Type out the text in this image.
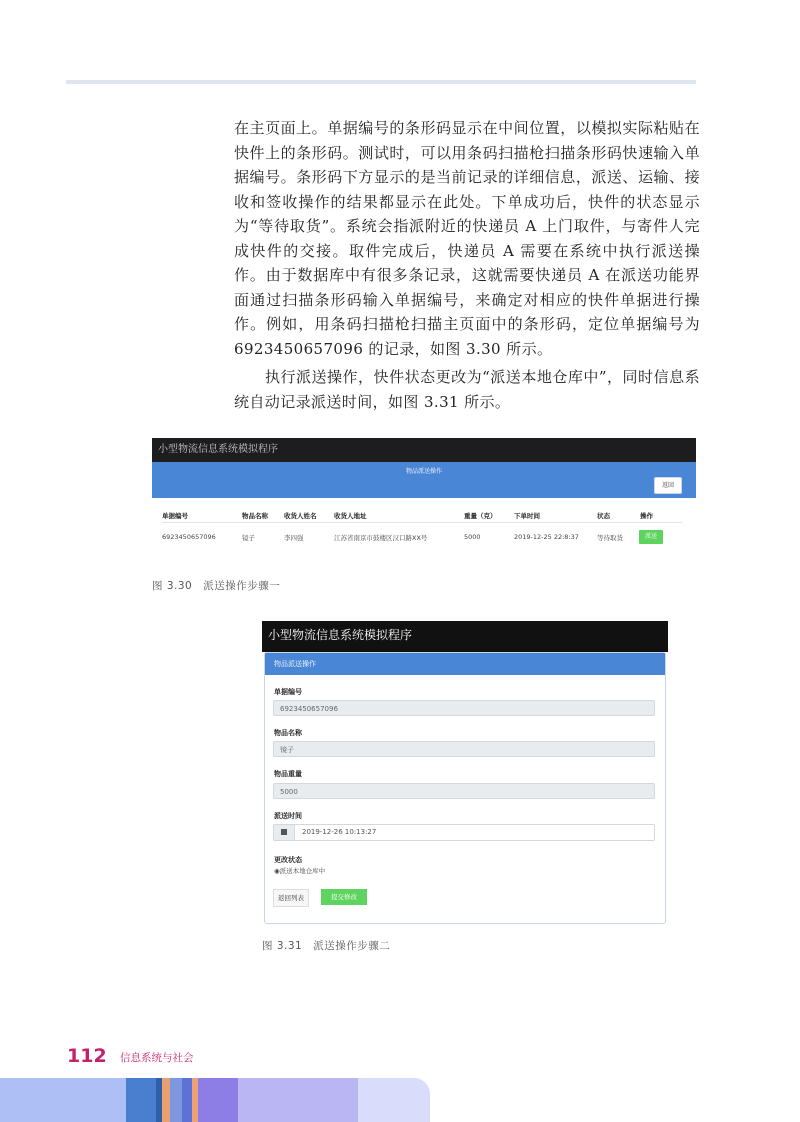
在主页面上。单据编号的条形码显示在中间位置，以模拟实际粘贴在快件上的条形码。测试时，可以用条码扫描枪扫描条形码快速输入单据编号。条形码下方显示的是当前记录的详细信息，派送、运输、接收和签收操作的结果都显示在此处。下单成功后，快件的状态显示为“等待取货”。系统会指派附近的快递员 A 上门取件，与寄件人完成快件的交接。取件完成后，快递员 A 需要在系统中执行派送操作。由于数据库中有很多条记录，这就需要快递员 A 在派送功能界面通过扫描条形码输入单据编号，来确定对相应的快件单据进行操作。例如，用条码扫描枪扫描主页面中的条形码，定位单据编号为 6923450657096 的记录，如图 3.30 所示。

执行派送操作，快件状态更改为“派送本地仓库中”，同时信息系统自动记录派送时间，如图 3.31 所示。

小型物流信息系统模拟程序
物品派送操作
返回
单据编号	物品名称 收货人姓名	收货人地址	重量（克）	下单时间	状态	操作
6923450657096	镜子	李四强	江苏省南京市鼓楼区汉口路XX号	5000	2019-12-25 22:8:37	等待取货	派送
图 3.30　派送操作步骤一
小型物流信息系统模拟程序
物品派送操作
单据编号
6923450657096
物品名称
镜子
物品重量
5000
派送时间
2019-12-26 10:13:27
更改状态
◉派送本地仓库中
返回列表	提交修改
图 3.31　派送操作步骤二
112 信息系统与社会
